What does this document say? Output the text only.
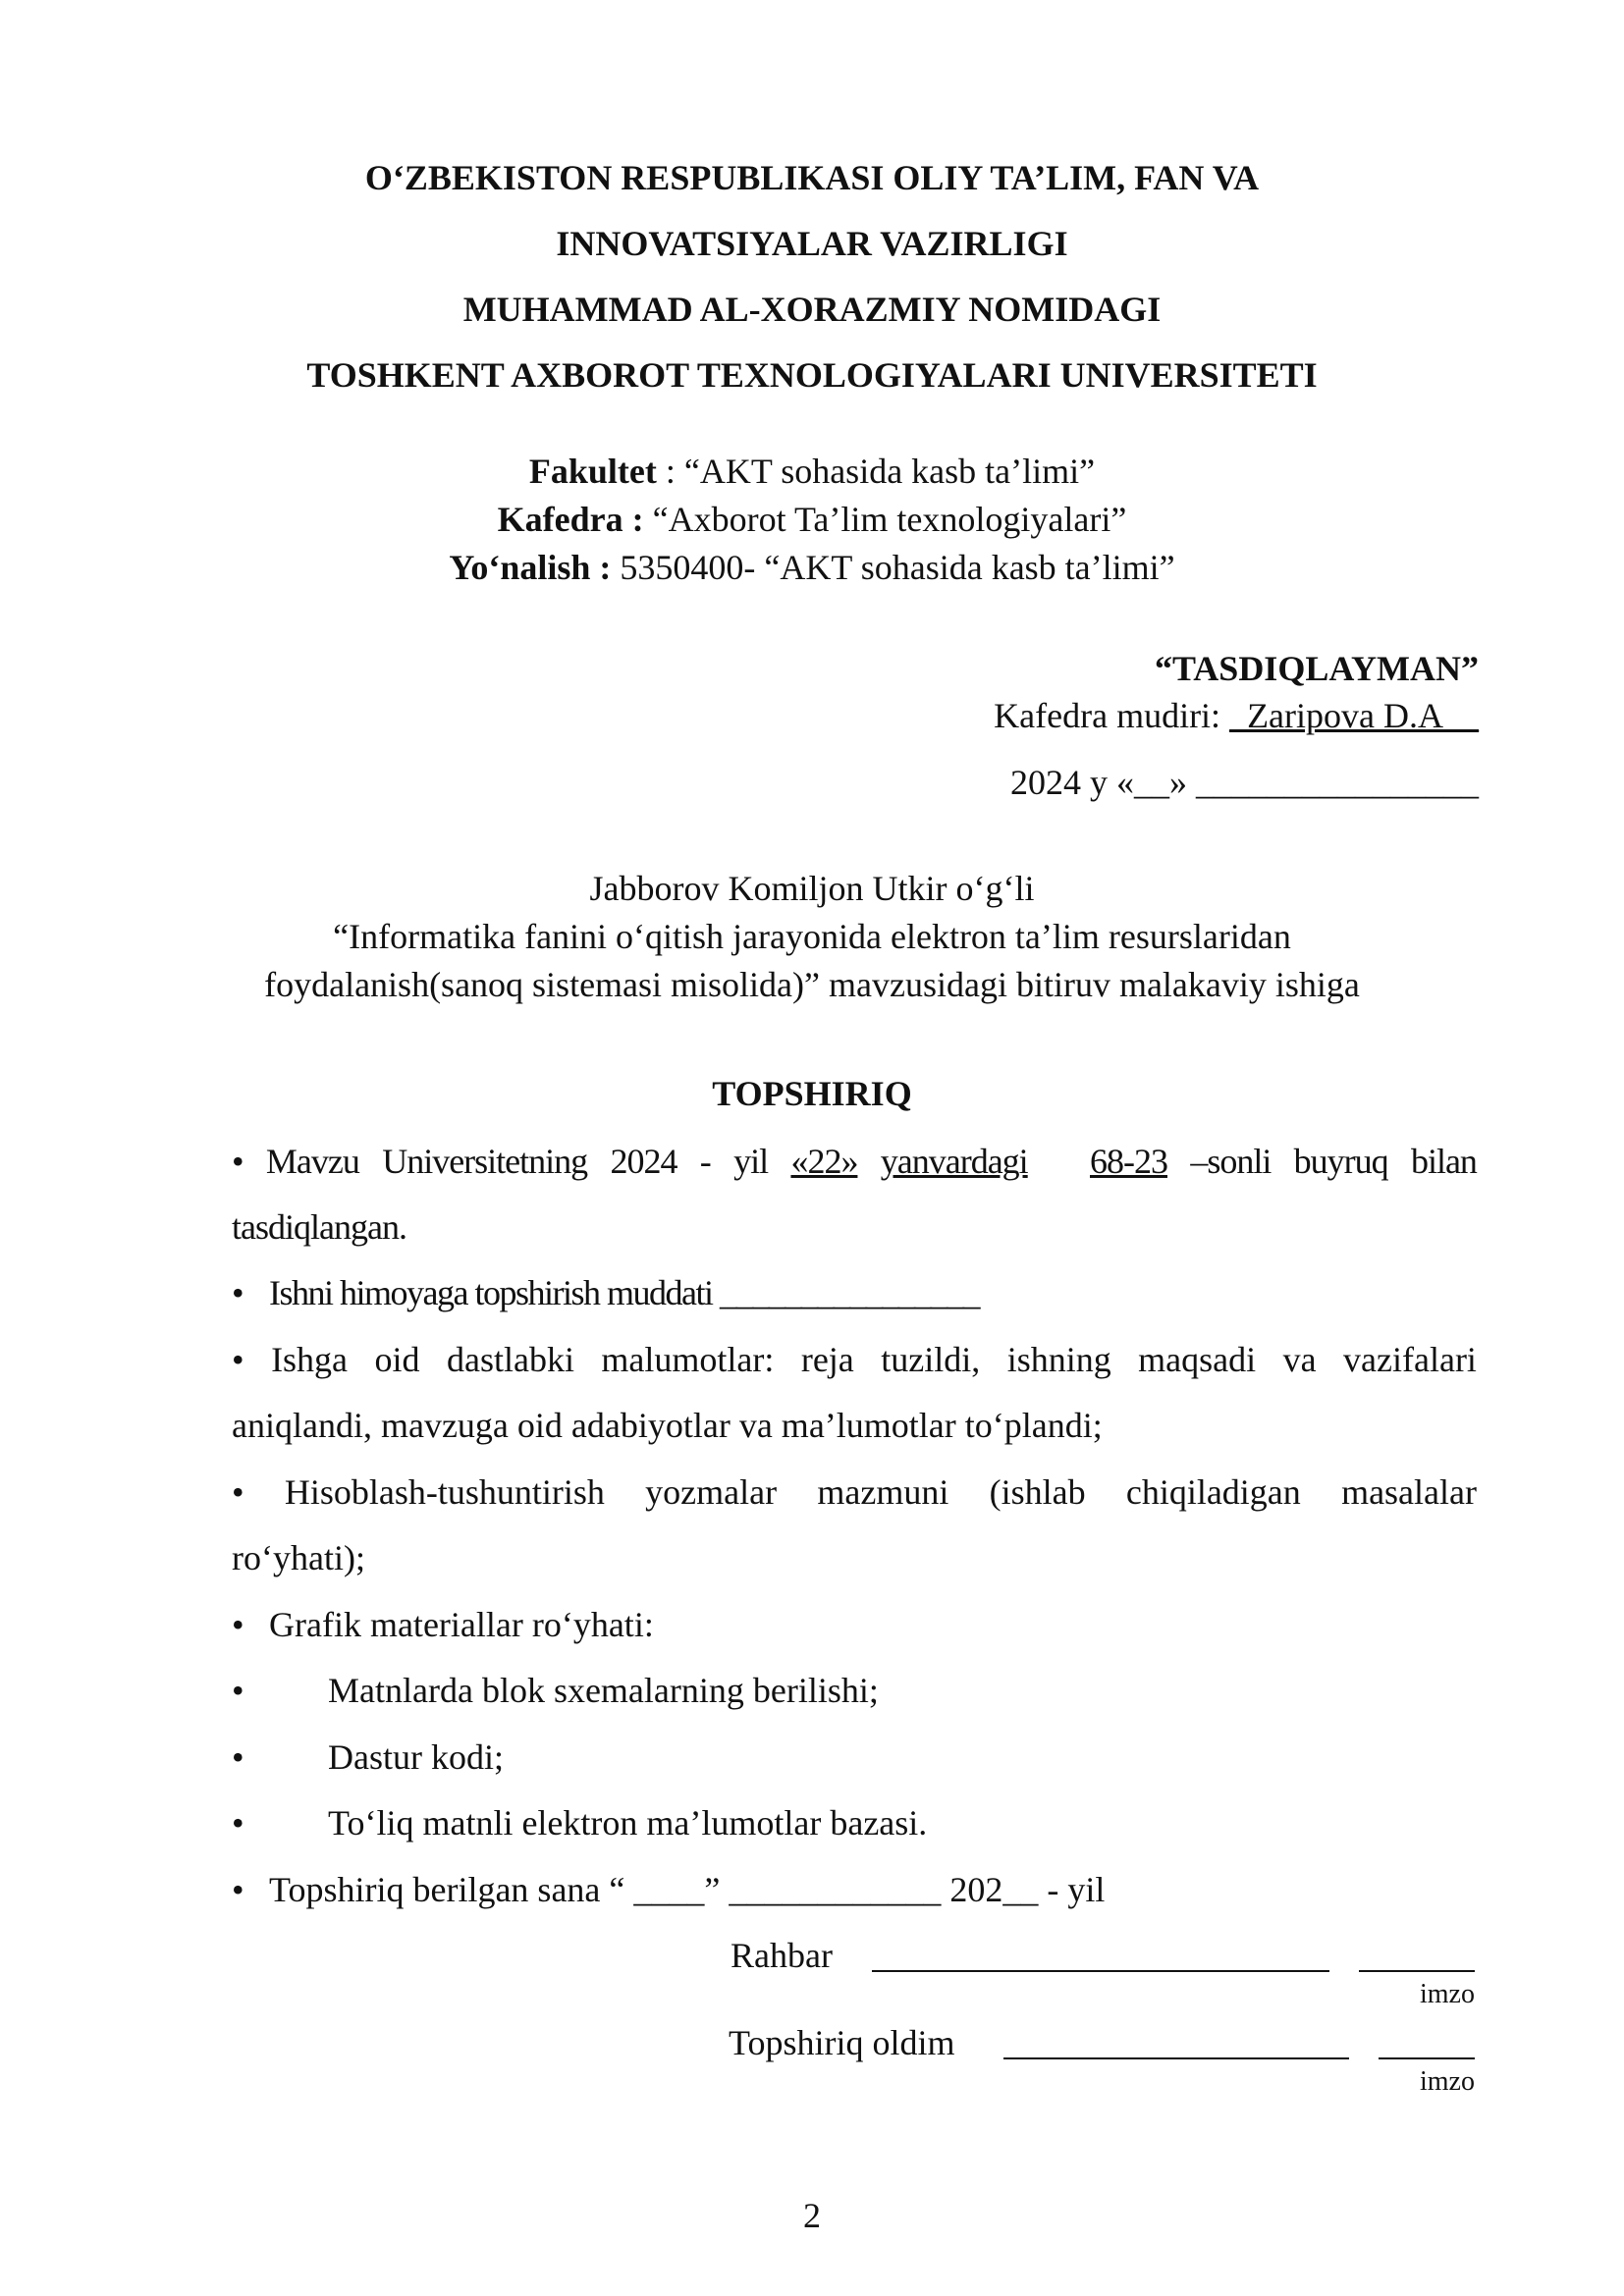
O‘ZBEKISTON RESPUBLIKASI OLIY TA’LIM, FAN VA
INNOVATSIYALAR VAZIRLIGI
MUHAMMAD AL-XORAZMIY NOMIDAGI
TOSHKENT AXBOROT TEXNOLOGIYALARI UNIVERSITETI
Fakultet : “AKT sohasida kasb ta’limi”
Kafedra : “Axborot Ta’lim texnologiyalari”
Yo‘nalish : 5350400- “AKT sohasida kasb ta’limi”
“TASDIQLAYMAN”
Kafedra mudiri: _Zaripova D.A__
2024 y «__» ________________
Jabborov Komiljon Utkir o‘g‘li
“Informatika fanini o‘qitish jarayonida elektron ta’lim resurslaridan
foydalanish(sanoq sistemasi misolida)” mavzusidagi bitiruv malakaviy ishiga
TOPSHIRIQ
• Mavzu Universitetning 2024 - yil «22» yanvardagi 68-23 –sonli buyruq bilan
tasdiqlangan.
• Ishni himoyaga topshirish muddati ________________
• Ishga oid dastlabki malumotlar: reja tuzildi, ishning maqsadi va vazifalari
aniqlandi, mavzuga oid adabiyotlar va ma’lumotlar to‘plandi;
• Hisoblash-tushuntirish yozmalar mazmuni (ishlab chiqiladigan masalalar
ro‘yhati);
• Grafik materiallar ro‘yhati:
•	Matnlarda blok sxemalarning berilishi;
•	Dastur kodi;
•	To‘liq matnli elektron ma’lumotlar bazasi.
• Topshiriq berilgan sana “ ____” ____________ 202__ - yil
Rahbar
imzo
Topshiriq oldim
imzo
2
